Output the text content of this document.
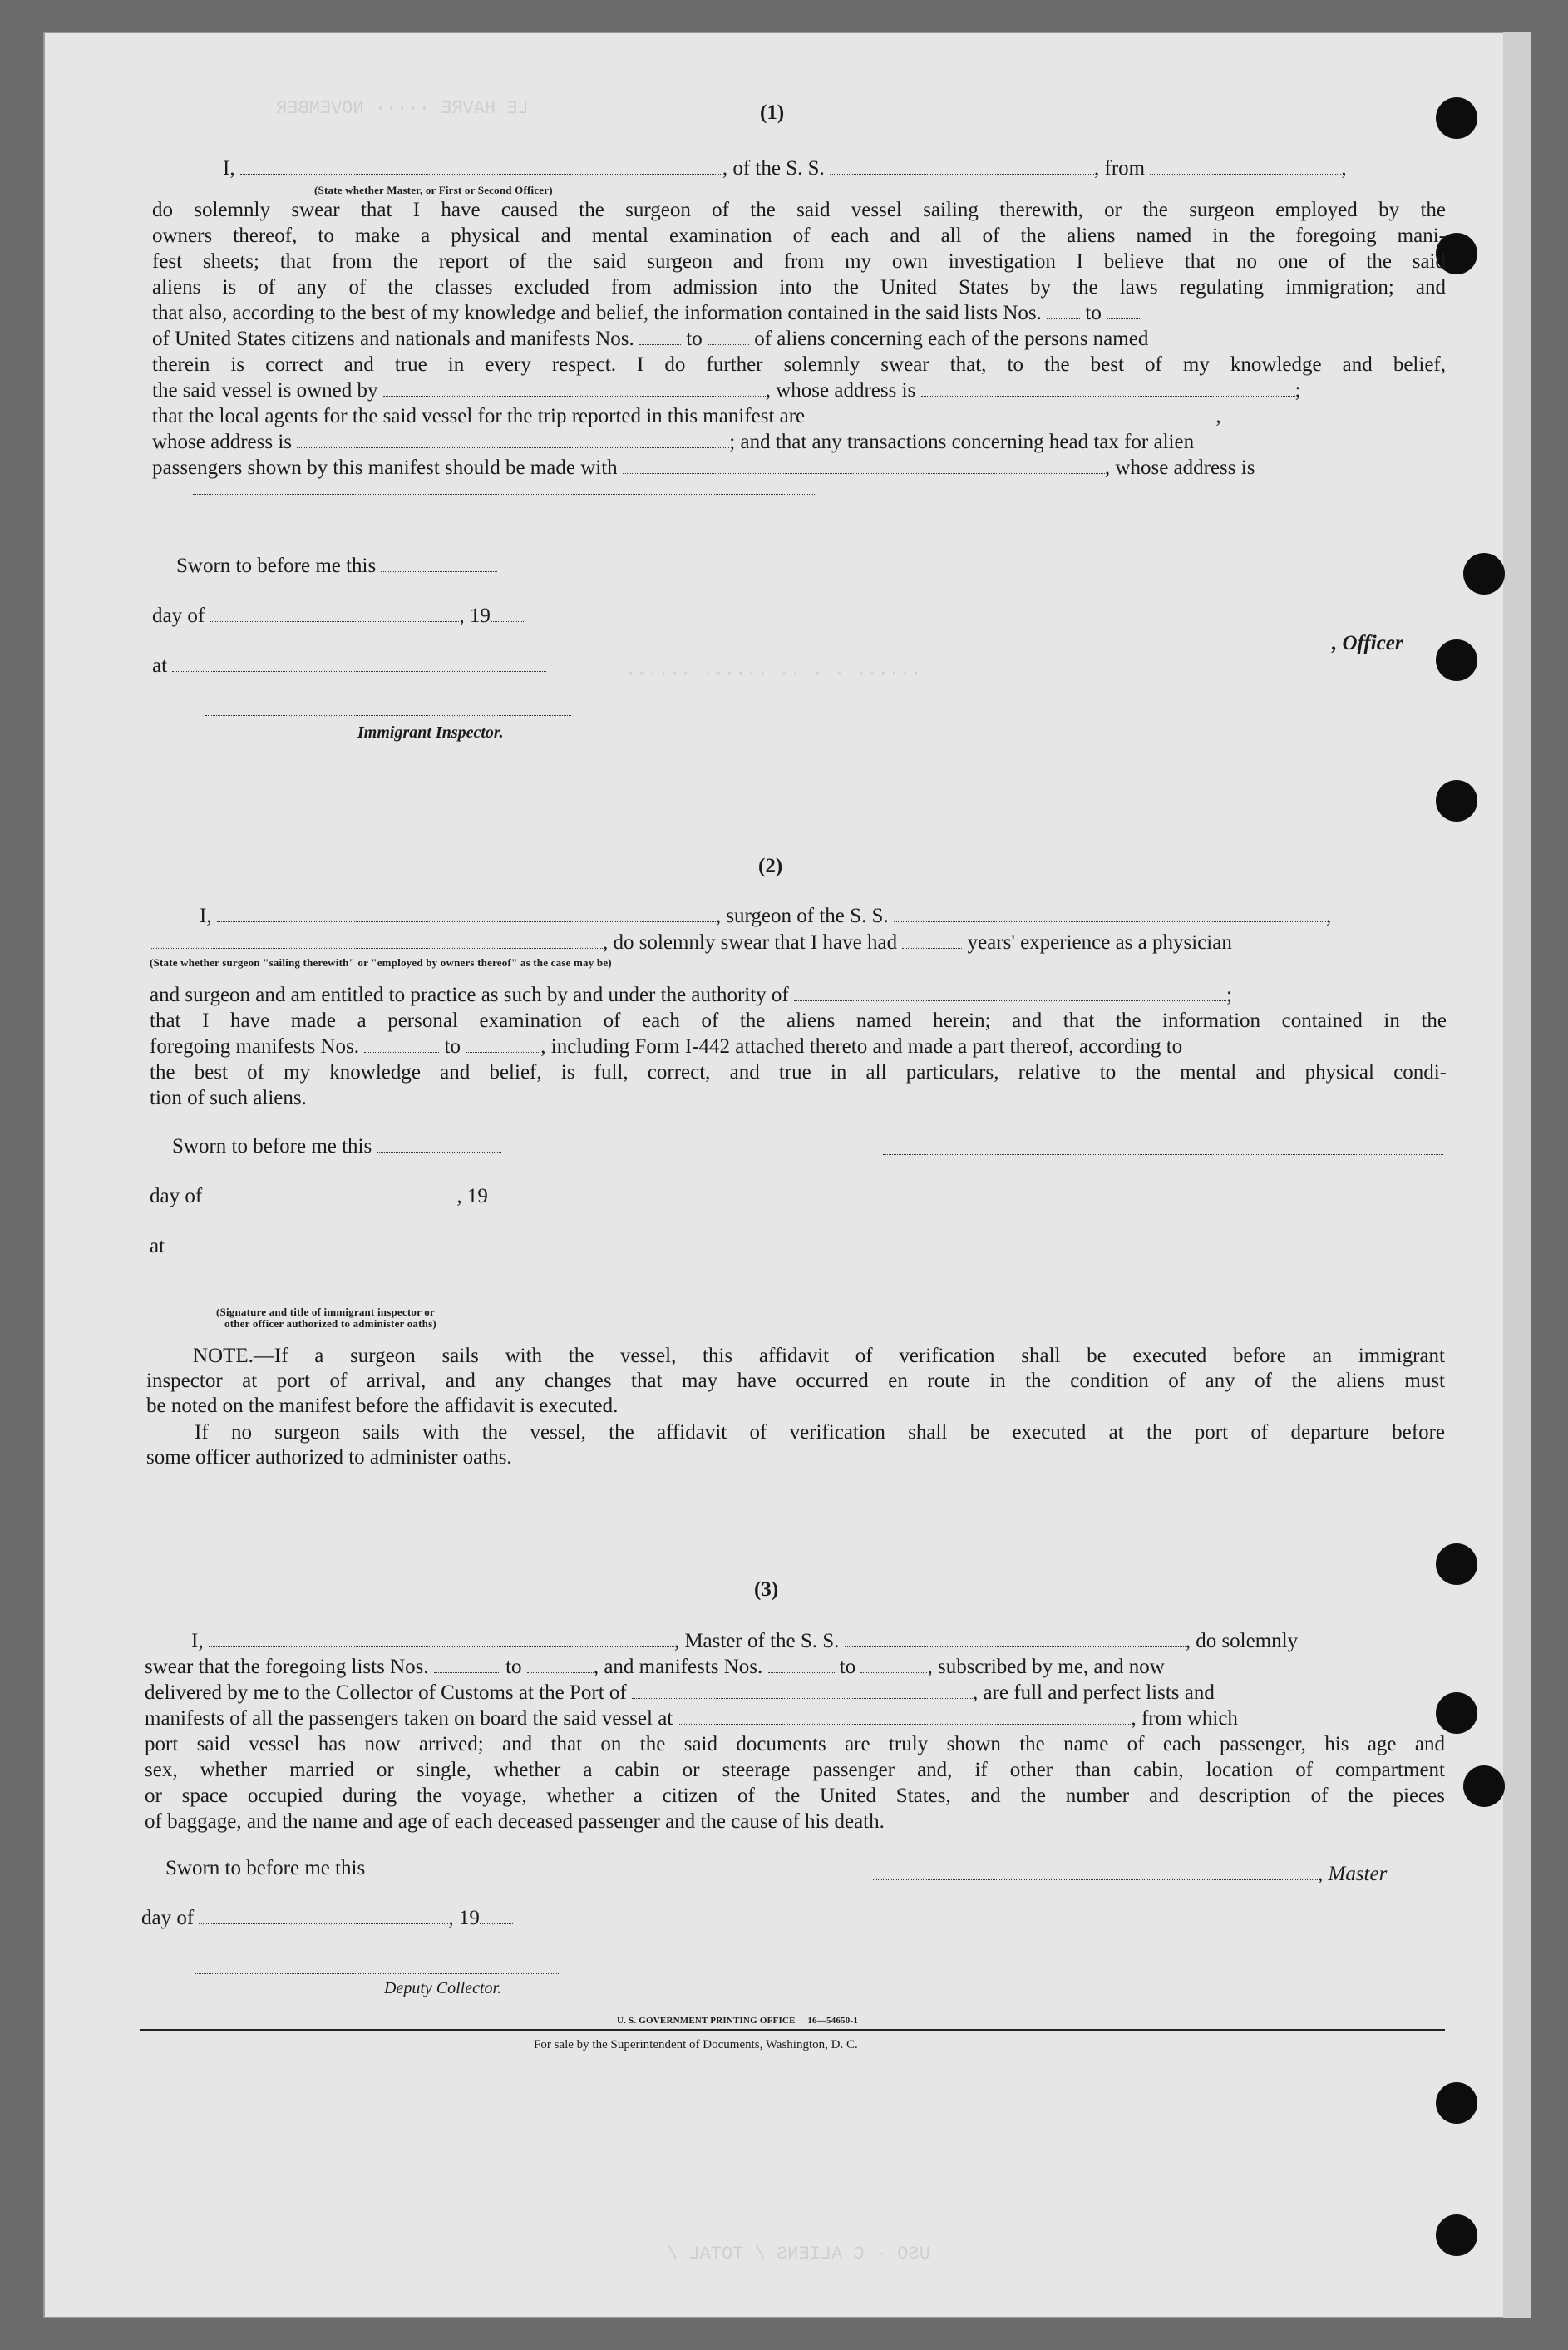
LE HAVRE ····· NOVEMBER
······ · · ·· ······ ······
USO - C ALIENS / TOTAL /
(1)
I,	, of the S. S.	, from	,
(State whether Master, or First or Second Officer)
do solemnly swear that I have caused the surgeon of the said vessel sailing therewith, or the surgeon employed by the
owners thereof, to make a physical and mental examination of each and all of the aliens named in the foregoing mani-
fest sheets; that from the report of the said surgeon and from my own investigation I believe that no one of the said
aliens is of any of the classes excluded from admission into the United States by the laws regulating immigration; and
that also, according to the best of my knowledge and belief, the information contained in the said lists Nos. to
of United States citizens and nationals and manifests Nos.	to	of aliens concerning each of the persons named
therein is correct and true in every respect. I do further solemnly swear that, to the best of my knowledge and belief,
the said vessel is owned by	, whose address is	;
that the local agents for the said vessel for the trip reported in this manifest are	,
whose address is	; and that any transactions concerning head tax for alien
passengers shown by this manifest should be made with	, whose address is
Sworn to before me this
day of	, 19
at
Immigrant Inspector.
, Officer
(2)
I,	, surgeon of the S. S.	,
, do solemnly swear that I have had	years' experience as a physician
(State whether surgeon "sailing therewith" or "employed by owners thereof" as the case may be)
and surgeon and am entitled to practice as such by and under the authority of	;
that I have made a personal examination of each of the aliens named herein; and that the information contained in the
foregoing manifests Nos.	to	, including Form I-442 attached thereto and made a part thereof, according to
the best of my knowledge and belief, is full, correct, and true in all particulars, relative to the mental and physical condi-
tion of such aliens.
Sworn to before me this
day of	, 19
at
(Signature and title of immigrant inspector or
other officer authorized to administer oaths)
NOTE.—If a surgeon sails with the vessel, this affidavit of verification shall be executed before an immigrant
inspector at port of arrival, and any changes that may have occurred en route in the condition of any of the aliens must
be noted on the manifest before the affidavit is executed.
If no surgeon sails with the vessel, the affidavit of verification shall be executed at the port of departure before
some officer authorized to administer oaths.
(3)
I,	, Master of the S. S.	, do solemnly
swear that the foregoing lists Nos.	to	, and manifests Nos.	to	, subscribed by me, and now
delivered by me to the Collector of Customs at the Port of	, are full and perfect lists and
manifests of all the passengers taken on board the said vessel at	, from which
port said vessel has now arrived; and that on the said documents are truly shown the name of each passenger, his age and
sex, whether married or single, whether a cabin or steerage passenger and, if other than cabin, location of compartment
or space occupied during the voyage, whether a citizen of the United States, and the number and description of the pieces
of baggage, and the name and age of each deceased passenger and the cause of his death.
Sworn to before me this	, Master
day of	, 19
Deputy Collector.
U. S. GOVERNMENT PRINTING OFFICE     16—54650-1
For sale by the Superintendent of Documents, Washington, D. C.
